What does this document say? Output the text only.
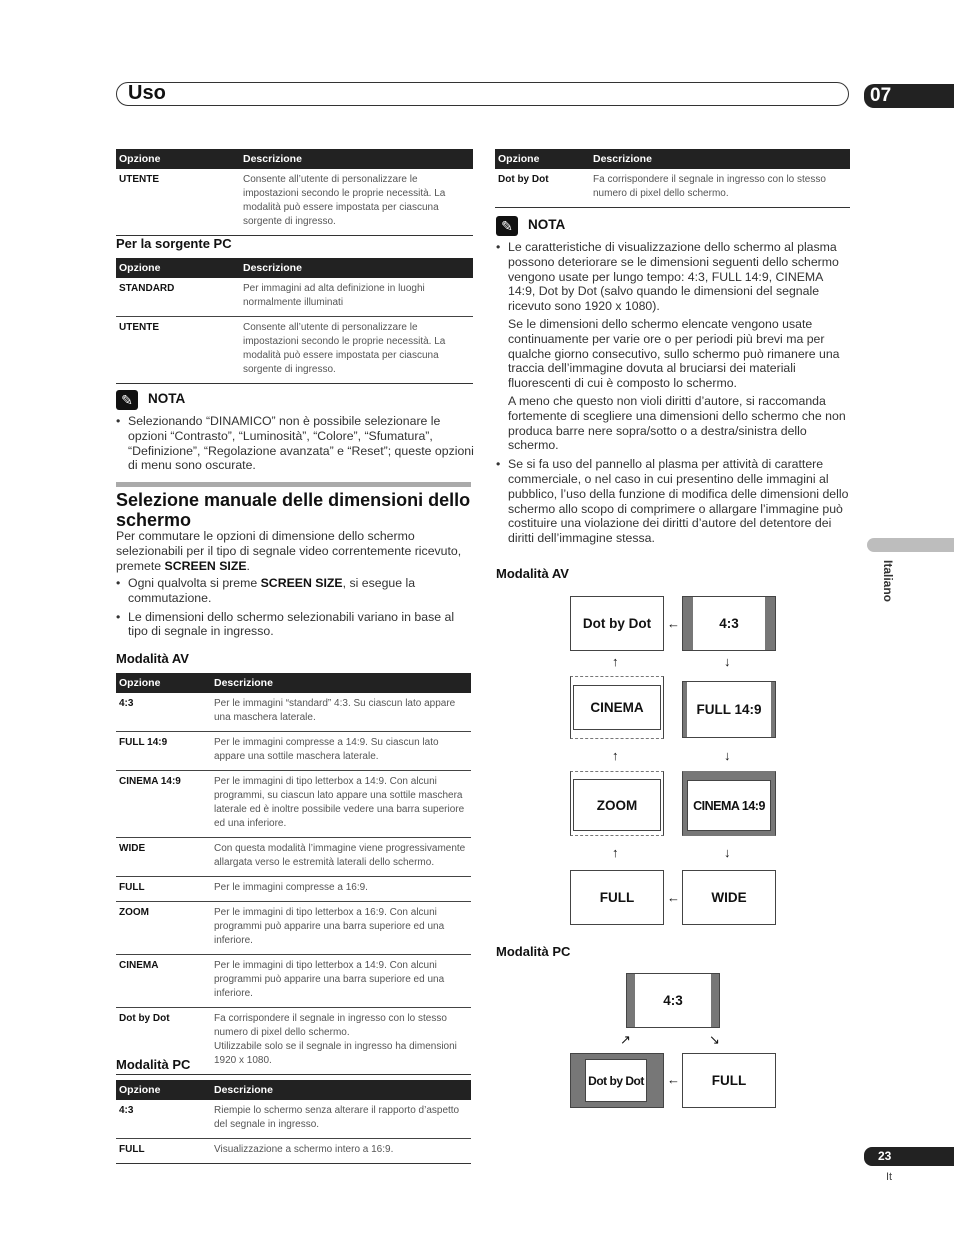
Uso	07
Italiano
Opzione	Descrizione
UTENTE	Consente all’utente di personalizzare le impostazioni secondo le proprie necessità. La modalità può essere impostata per ciascuna sorgente di ingresso.
Per la sorgente PC
Opzione	Descrizione
STANDARD	Per immagini ad alta definizione in luoghi normalmente illuminati
UTENTE	Consente all’utente di personalizzare le impostazioni secondo le proprie necessità. La modalità può essere impostata per ciascuna sorgente di ingresso.
✎	NOTA
• Selezionando “DINAMICO” non è possibile selezionare le opzioni “Contrasto”, “Luminosità”, “Colore”, “Sfumatura”, “Definizione”, “Regolazione avanzata” e “Reset”; queste opzioni di menu sono oscurate.
Selezione manuale delle dimensioni dello schermo
Per commutare le opzioni di dimensione dello schermo selezionabili per il tipo di segnale video correntemente ricevuto, premete SCREEN SIZE.
• Ogni qualvolta si preme SCREEN SIZE, si esegue la commutazione.
• Le dimensioni dello schermo selezionabili variano in base al tipo di segnale in ingresso.
Modalità AV
Opzione	Descrizione
4:3	Per le immagini “standard” 4:3. Su ciascun lato appare una maschera laterale.
FULL 14:9	Per le immagini compresse a 14:9. Su ciascun lato appare una sottile maschera laterale.
CINEMA 14:9	Per le immagini di tipo letterbox a 14:9. Con alcuni programmi, su ciascun lato appare una sottile maschera laterale ed è inoltre possibile vedere una barra superiore ed una inferiore.
WIDE	Con questa modalità l’immagine viene progressivamente allargata verso le estremità laterali dello schermo.
FULL	Per le immagini compresse a 16:9.
ZOOM	Per le immagini di tipo letterbox a 16:9. Con alcuni programmi può apparire una barra superiore ed una inferiore.
CINEMA	Per le immagini di tipo letterbox a 14:9. Con alcuni programmi può apparire una barra superiore ed una inferiore.
Dot by Dot	Fa corrispondere il segnale in ingresso con lo stesso numero di pixel dello schermo.
Utilizzabile solo se il segnale in ingresso ha dimensioni 1920 x 1080.
Modalità PC
Opzione	Descrizione
4:3	Riempie lo schermo senza alterare il rapporto d’aspetto del segnale in ingresso.
FULL	Visualizzazione a schermo intero a 16:9.
Opzione	Descrizione
Dot by Dot	Fa corrispondere il segnale in ingresso con lo stesso numero di pixel dello schermo.
✎	NOTA

• Le caratteristiche di visualizzazione dello schermo al plasma possono deteriorare se le dimensioni seguenti dello schermo vengono usate per lungo tempo: 4:3, FULL 14:9, CINEMA 14:9, Dot by Dot (salvo quando le dimensioni del segnale ricevuto sono 1920 x 1080).

Se le dimensioni dello schermo elencate vengono usate continuamente per varie ore o per periodi più brevi ma per qualche giorno consecutivo, sullo schermo può rimanere una traccia dell’immagine dovuta al bruciarsi dei materiali fluorescenti di cui è composto lo schermo.

A meno che questo non violi diritti d’autore, si raccomanda fortemente di scegliere una dimensioni dello schermo che non produca barre nere sopra/sotto o a destra/sinistra dello schermo.

• Se si fa uso del pannello al plasma per attività di carattere commerciale, o nel caso in cui presentino delle immagini al pubblico, l’uso della funzione di modifica delle dimensioni dello schermo allo scopo di comprimere o allargare l’immagine può costituire una violazione dei diritti d’autore del detentore dei diritti dell’immagine stessa.
Modalità AV
Dot by Dot	4:3
↑	↓
←
CINEMA	FULL 14:9
↑	↓
ZOOM	CINEMA 14:9
↑	↓
FULL	WIDE
←
Modalità PC
4:3
↗	↘
Dot by Dot	FULL
←
23
It
